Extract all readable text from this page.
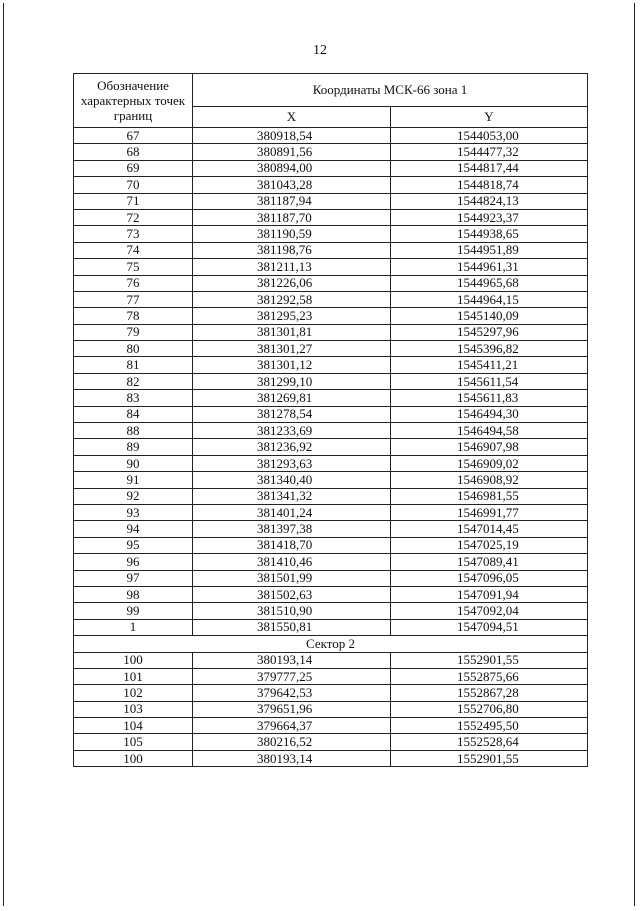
12
Обозначение характерных точек границ	Координаты МСК-66 зона 1	
	X	Y
67	380918,54	1544053,00
68	380891,56	1544477,32
69	380894,00	1544817,44
70	381043,28	1544818,74
71	381187,94	1544824,13
72	381187,70	1544923,37
73	381190,59	1544938,65
74	381198,76	1544951,89
75	381211,13	1544961,31
76	381226,06	1544965,68
77	381292,58	1544964,15
78	381295,23	1545140,09
79	381301,81	1545297,96
80	381301,27	1545396,82
81	381301,12	1545411,21
82	381299,10	1545611,54
83	381269,81	1545611,83
84	381278,54	1546494,30
88	381233,69	1546494,58
89	381236,92	1546907,98
90	381293,63	1546909,02
91	381340,40	1546908,92
92	381341,32	1546981,55
93	381401,24	1546991,77
94	381397,38	1547014,45
95	381418,70	1547025,19
96	381410,46	1547089,41
97	381501,99	1547096,05
98	381502,63	1547091,94
99	381510,90	1547092,04
1	381550,81	1547094,51
Сектор 2		
100	380193,14	1552901,55
101	379777,25	1552875,66
102	379642,53	1552867,28
103	379651,96	1552706,80
104	379664,37	1552495,50
105	380216,52	1552528,64
100	380193,14	1552901,55
